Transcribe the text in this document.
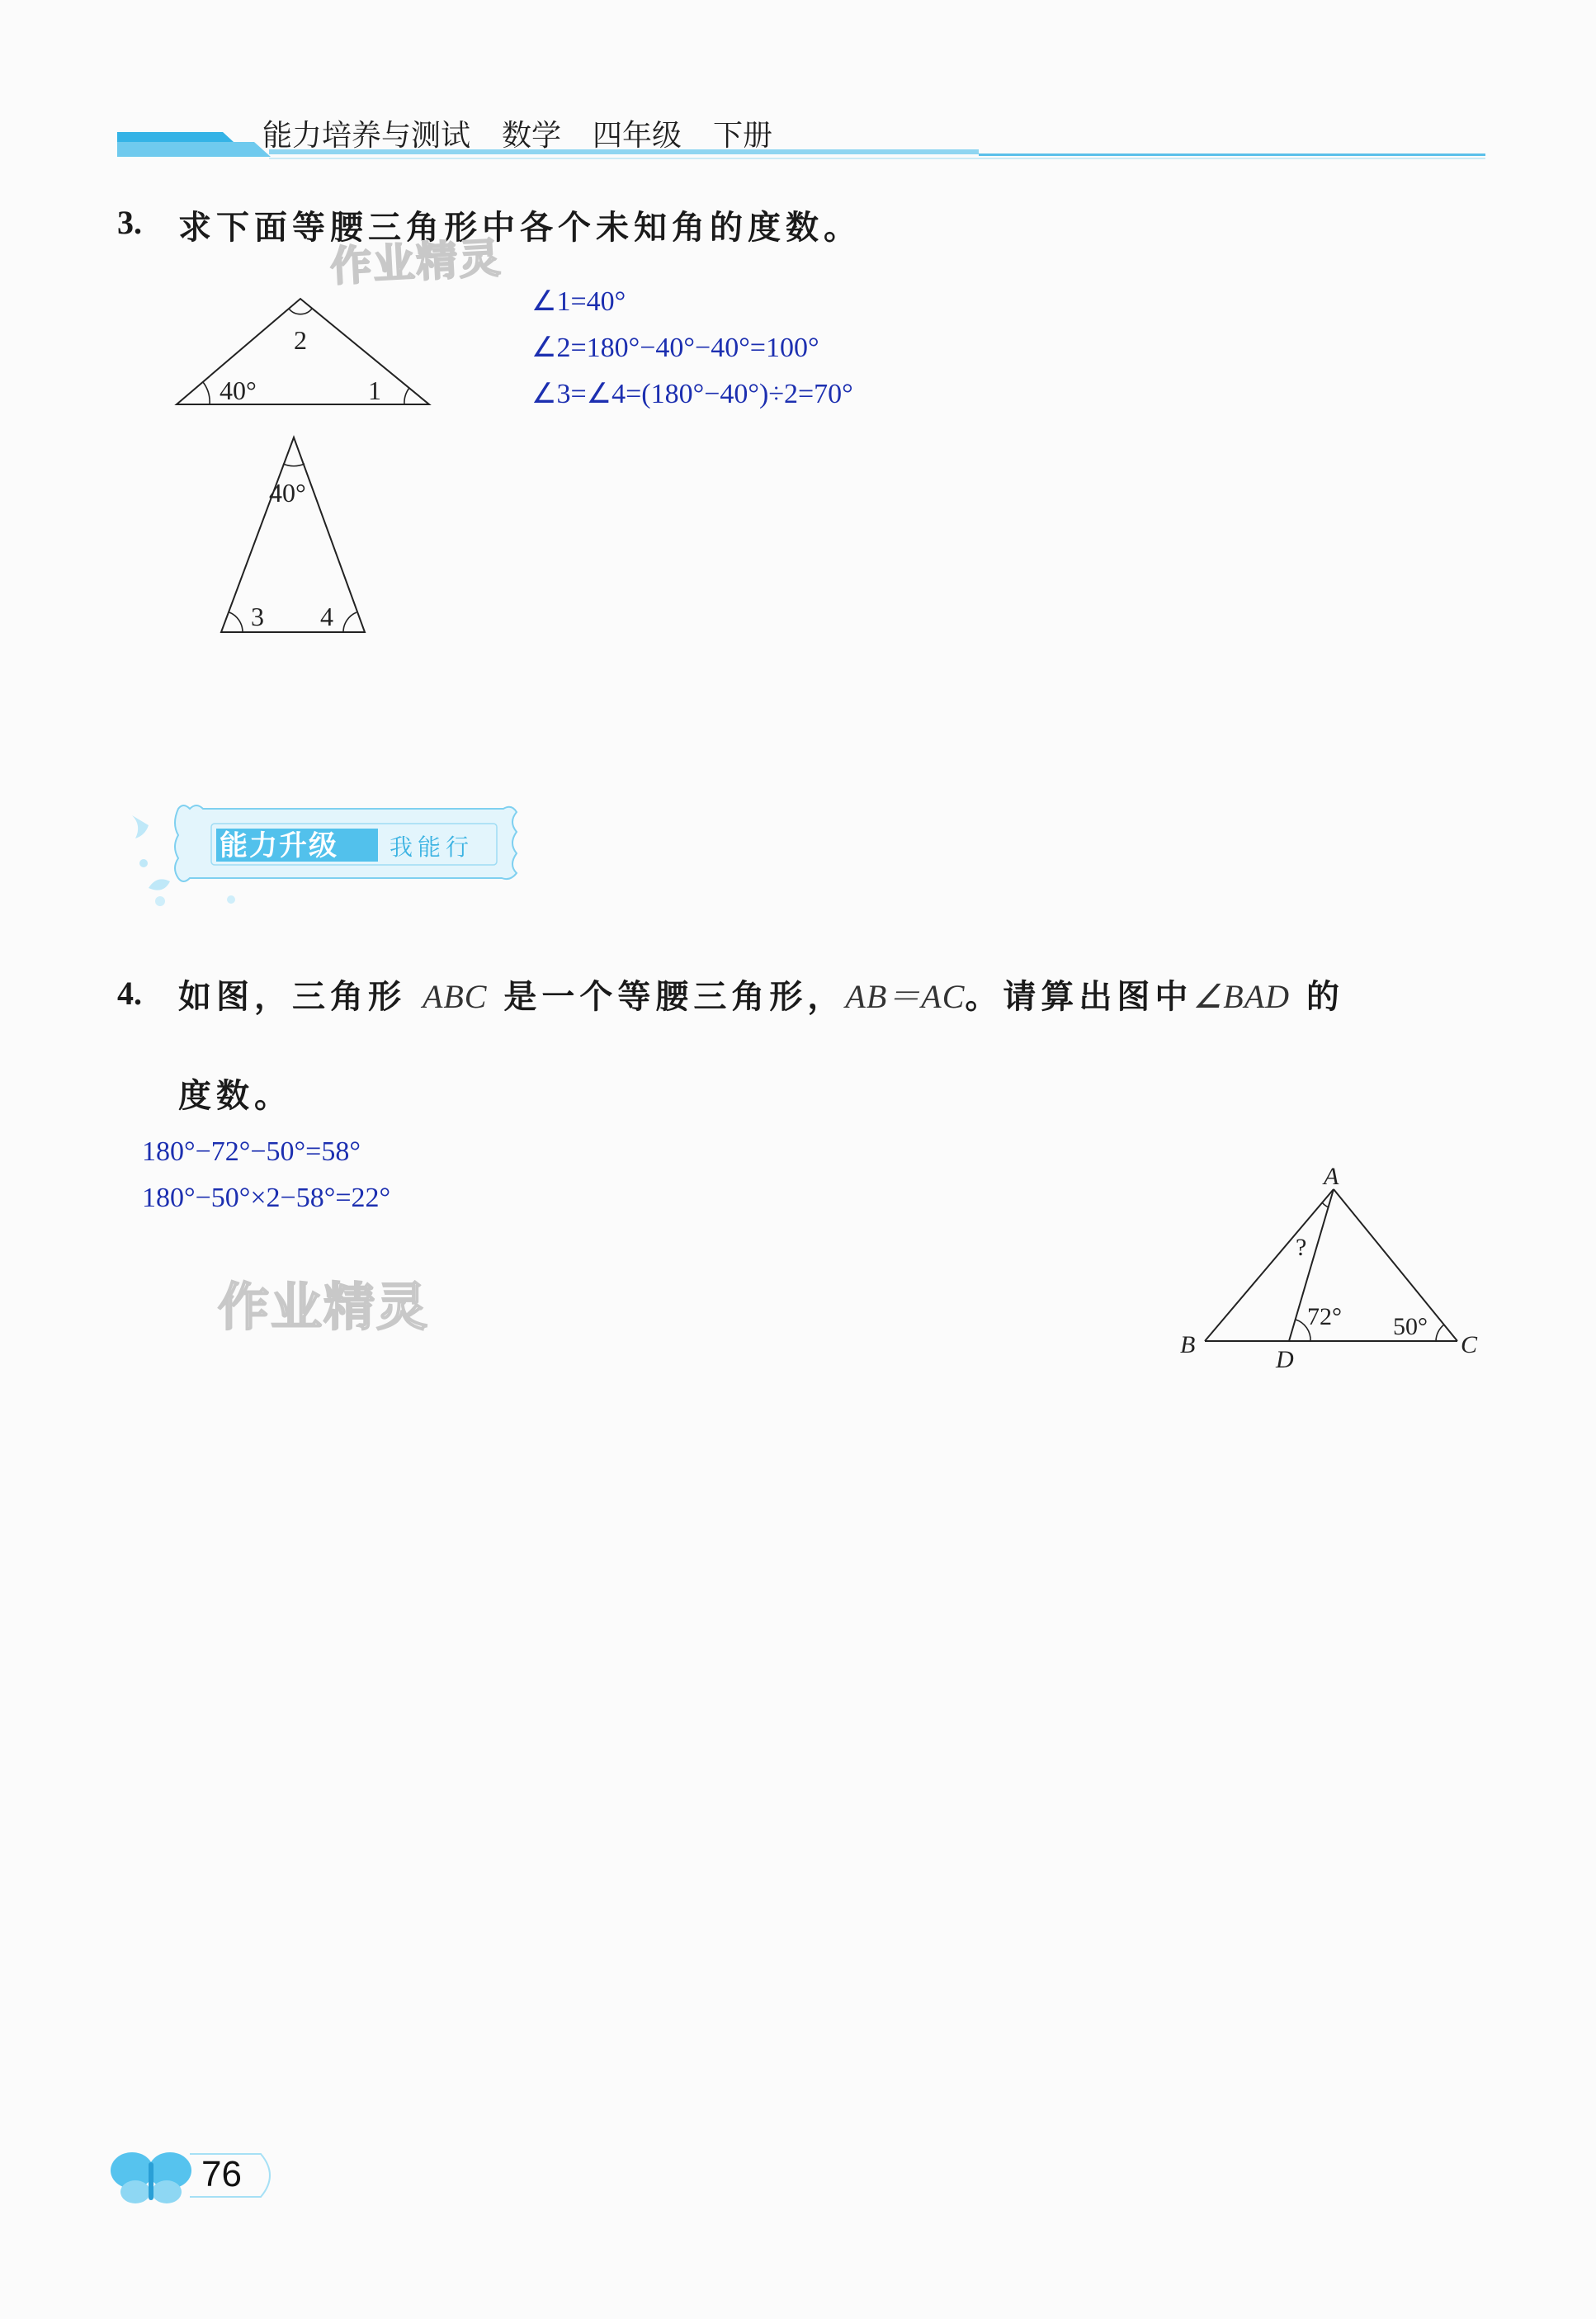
能力培养与测试 数学 四年级 下册
3. 求下面等腰三角形中各个未知角的度数。
作业精灵
2
40°	1
40°
3 4
∠1=40°
∠2=180°−40°−40°=100°
∠3=∠4=(180°−40°)÷2=70°
能力升级 我能行
4. 如图，三角形 ABC 是一个等腰三角形，AB＝AC。请算出图中∠BAD 的
度数。
180°−72°−50°=58°
180°−50°×2−58°=22°
作业精灵
A
B
D
C
?
72° 50°
76
